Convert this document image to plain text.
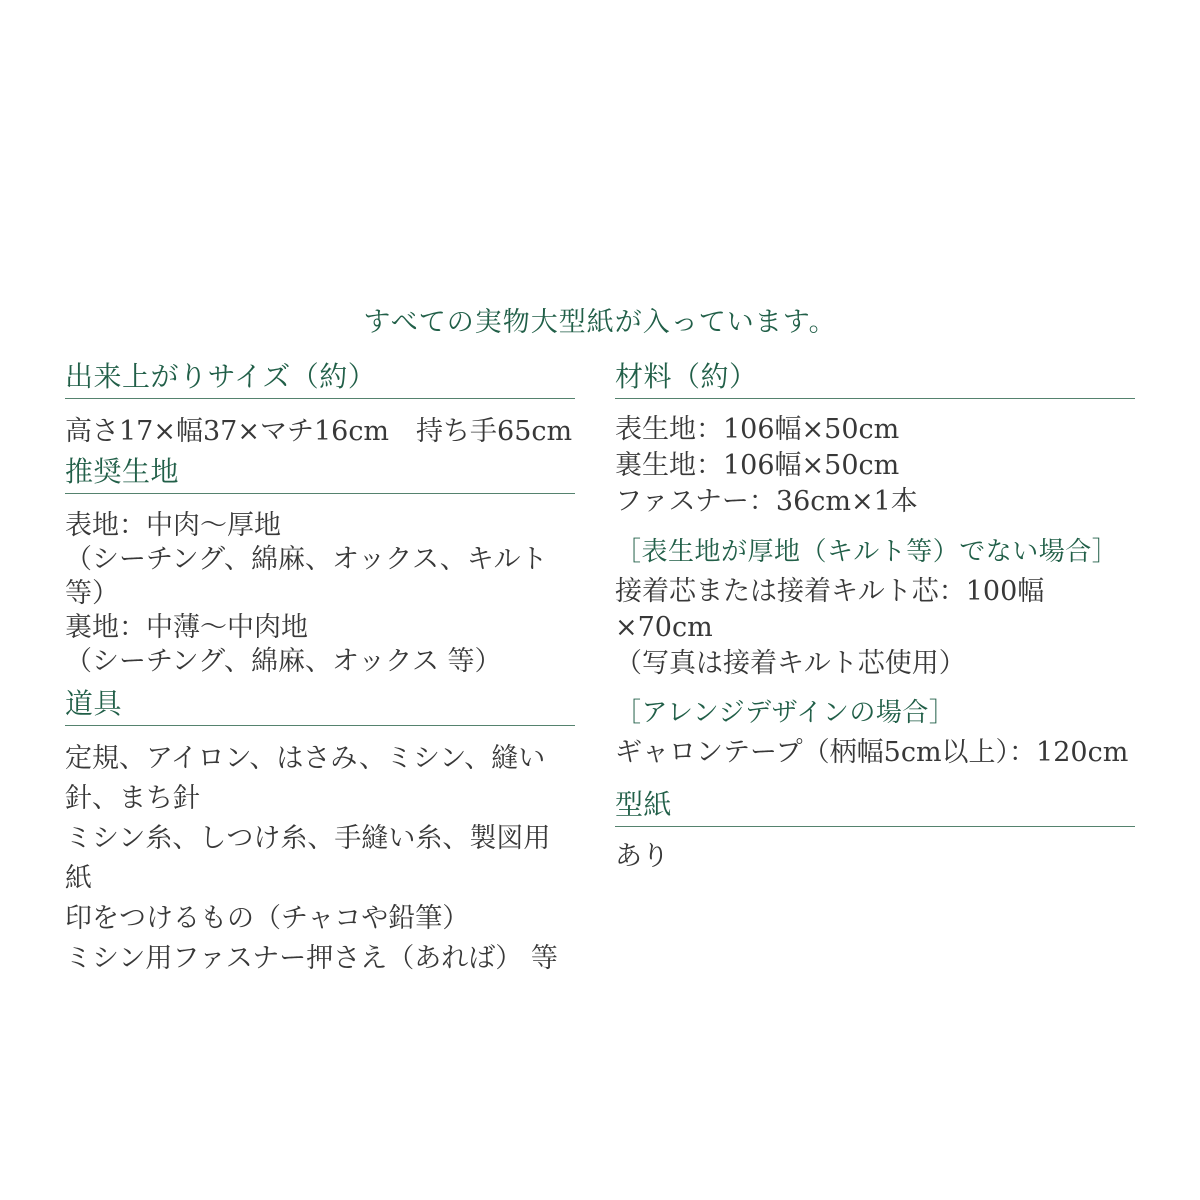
すべての実物大型紙が入っています。
出来上がりサイズ（約）
高さ17×幅37×マチ16cm　持ち手65cm
推奨生地
表地：中肉～厚地
（シーチング、綿麻、オックス、キルト 等）
裏地：中薄～中肉地
（シーチング、綿麻、オックス 等）
道具
定規、アイロン、はさみ、ミシン、縫い針、まち針
ミシン糸、しつけ糸、手縫い糸、製図用紙
印をつけるもの（チャコや鉛筆）
ミシン用ファスナー押さえ（あれば） 等
材料（約）
表生地：106幅×50cm
裏生地：106幅×50cm
ファスナー：36cm×1本
［表生地が厚地（キルト等）でない場合］
接着芯または接着キルト芯：100幅×70cm
（写真は接着キルト芯使用）
［アレンジデザインの場合］
ギャロンテープ（柄幅5cm以上）：120cm
型紙
あり
